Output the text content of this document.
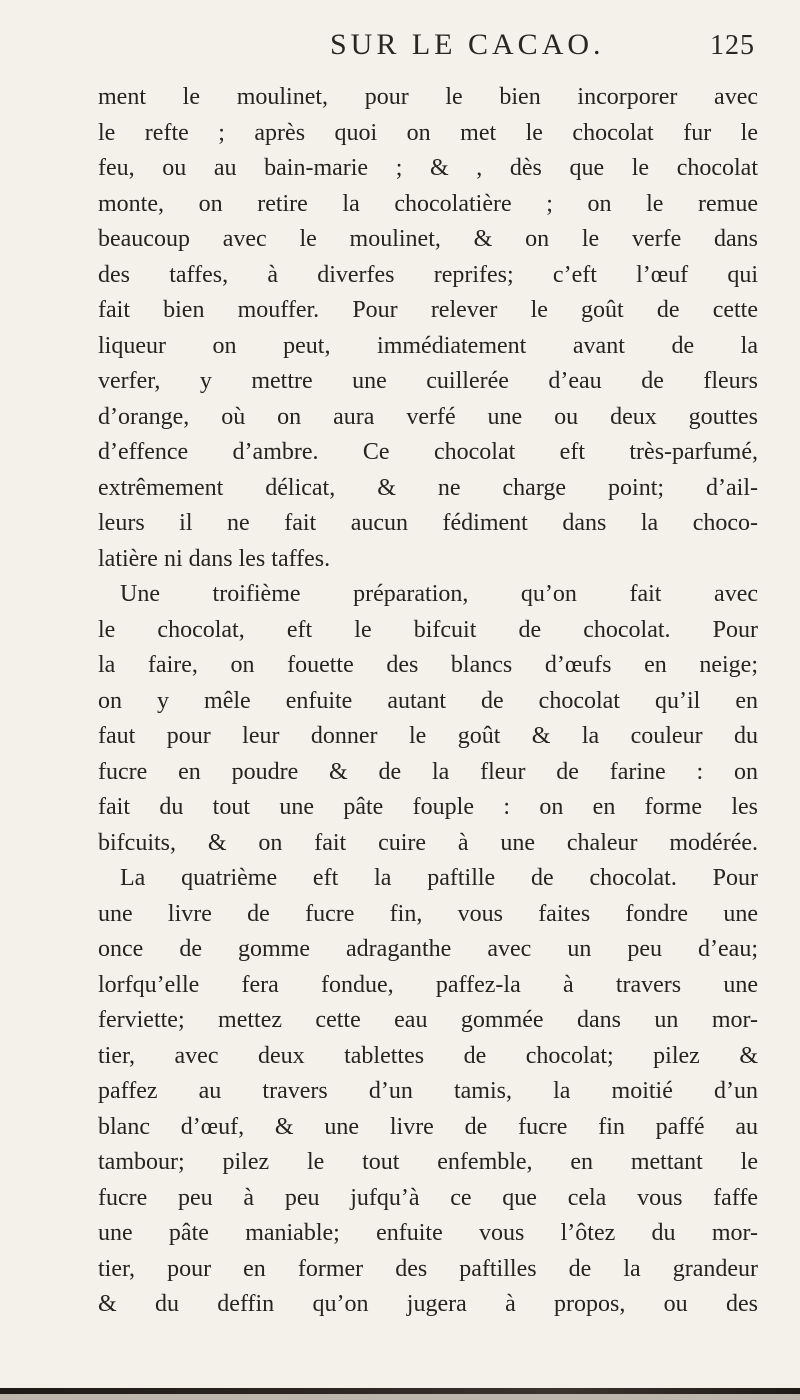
SUR LE CACAO.	125
ment le moulinet, pour le bien incorporer avec
le refte ; après quoi on met le chocolat fur le
feu, ou au bain-marie ; & , dès que le chocolat
monte, on retire la chocolatière ; on le remue
beaucoup avec le moulinet, & on le verfe dans
des taffes, à diverfes reprifes; c’eft l’œuf qui
fait bien mouffer. Pour relever le goût de cette
liqueur on peut, immédiatement avant de la
verfer, y mettre une cuillerée d’eau de fleurs
d’orange, où on aura verfé une ou deux gouttes
d’effence d’ambre. Ce chocolat eft très-parfumé,
extrêmement délicat, & ne charge point; d’ail-
leurs il ne fait aucun fédiment dans la choco-
latière ni dans les taffes.
Une troifième préparation, qu’on fait avec
le chocolat, eft le bifcuit de chocolat. Pour
la faire, on fouette des blancs d’œufs en neige;
on y mêle enfuite autant de chocolat qu’il en
faut pour leur donner le goût & la couleur du
fucre en poudre & de la fleur de farine : on
fait du tout une pâte fouple : on en forme les
bifcuits, & on fait cuire à une chaleur modérée.
La quatrième eft la paftille de chocolat. Pour
une livre de fucre fin, vous faites fondre une
once de gomme adraganthe avec un peu d’eau;
lorfqu’elle fera fondue, paffez-la à travers une
ferviette; mettez cette eau gommée dans un mor-
tier, avec deux tablettes de chocolat; pilez &
paffez au travers d’un tamis, la moitié d’un
blanc d’œuf, & une livre de fucre fin paffé au
tambour; pilez le tout enfemble, en mettant le
fucre peu à peu jufqu’à ce que cela vous faffe
une pâte maniable; enfuite vous l’ôtez du mor-
tier, pour en former des paftilles de la grandeur
& du deffin qu’on jugera à propos, ou des
